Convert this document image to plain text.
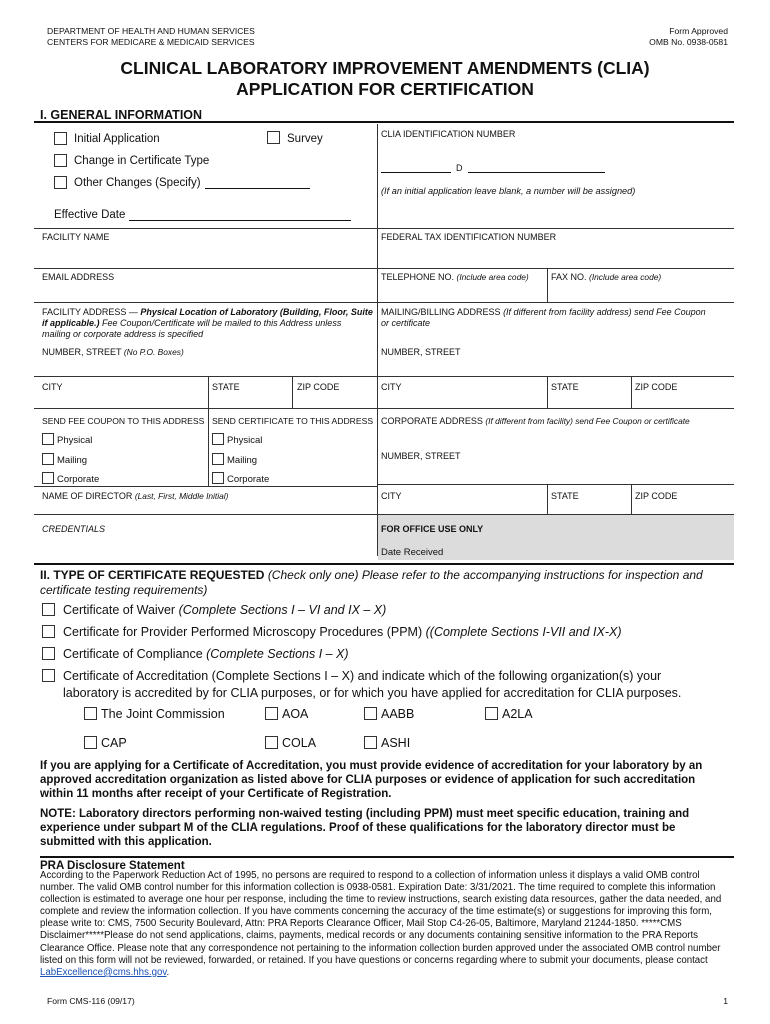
DEPARTMENT OF HEALTH AND HUMAN SERVICES
CENTERS FOR MEDICARE & MEDICAID SERVICES
Form Approved
OMB No. 0938-0581
CLINICAL LABORATORY IMPROVEMENT AMENDMENTS (CLIA)
APPLICATION FOR CERTIFICATION
I. GENERAL INFORMATION
Initial Application	Survey
Change in Certificate Type
Other Changes (Specify)
Effective Date
CLIA IDENTIFICATION NUMBER
D
(If an initial application leave blank, a number will be assigned)
FACILITY NAME	FEDERAL TAX IDENTIFICATION NUMBER
EMAIL ADDRESS	TELEPHONE NO. (Include area code) FAX NO. (Include area code)
FACILITY ADDRESS — Physical Location of Laboratory (Building, Floor, Suite
if applicable.) Fee Coupon/Certificate will be mailed to this Address unless
mailing or corporate address is specified
MAILING/BILLING ADDRESS (If different from facility address) send Fee Coupon
or certificate
NUMBER, STREET (No P.O. Boxes)	NUMBER, STREET
CITY	STATE	ZIP CODE	CITY	STATE	ZIP CODE
SEND FEE COUPON TO THIS ADDRESS SEND CERTIFICATE TO THIS ADDRESS CORPORATE ADDRESS (If different from facility) send Fee Coupon or certificate
Physical
Mailing
Corporate
Physical
Mailing
Corporate
NUMBER, STREET
NAME OF DIRECTOR (Last, First, Middle Initial)	CITY	STATE	ZIP CODE
CREDENTIALS	FOR OFFICE USE ONLY
Date Received
II. TYPE OF CERTIFICATE REQUESTED (Check only one) Please refer to the accompanying instructions for inspection and certificate testing requirements)
Certificate of Waiver (Complete Sections I – VI and IX – X)
Certificate for Provider Performed Microscopy Procedures (PPM) ((Complete Sections I-VII and IX-X)
Certificate of Compliance (Complete Sections I – X)
Certificate of Accreditation (Complete Sections I – X) and indicate which of the following organization(s) your
laboratory is accredited by for CLIA purposes, or for which you have applied for accreditation for CLIA purposes.
The Joint Commission	AOA	AABB	A2LA
CAP	COLA	ASHI
If you are applying for a Certificate of Accreditation, you must provide evidence of accreditation for your laboratory by an approved accreditation organization as listed above for CLIA purposes or evidence of application for such accreditation within 11 months after receipt of your Certificate of Registration.
NOTE: Laboratory directors performing non-waived testing (including PPM) must meet specific education, training and experience under subpart M of the CLIA regulations. Proof of these qualifications for the laboratory director must be submitted with this application.
PRA Disclosure Statement
According to the Paperwork Reduction Act of 1995, no persons are required to respond to a collection of information unless it displays a valid OMB control number. The valid OMB control number for this information collection is 0938-0581. Expiration Date: 3/31/2021. The time required to complete this information collection is estimated to average one hour per response, including the time to review instructions, search existing data resources, gather the data needed, and complete and review the information collection. If you have comments concerning the accuracy of the time estimate(s) or suggestions for improving this form, please write to: CMS, 7500 Security Boulevard, Attn: PRA Reports Clearance Officer, Mail Stop C4-26-05, Baltimore, Maryland 21244-1850. *****CMS Disclaimer*****Please do not send applications, claims, payments, medical records or any documents containing sensitive information to the PRA Reports Clearance Office. Please note that any correspondence not pertaining to the information collection burden approved under the associated OMB control number listed on this form will not be reviewed, forwarded, or retained. If you have questions or concerns regarding where to submit your documents, please contact LabExcellence@cms.hhs.gov.
Form CMS-116 (09/17)	1
